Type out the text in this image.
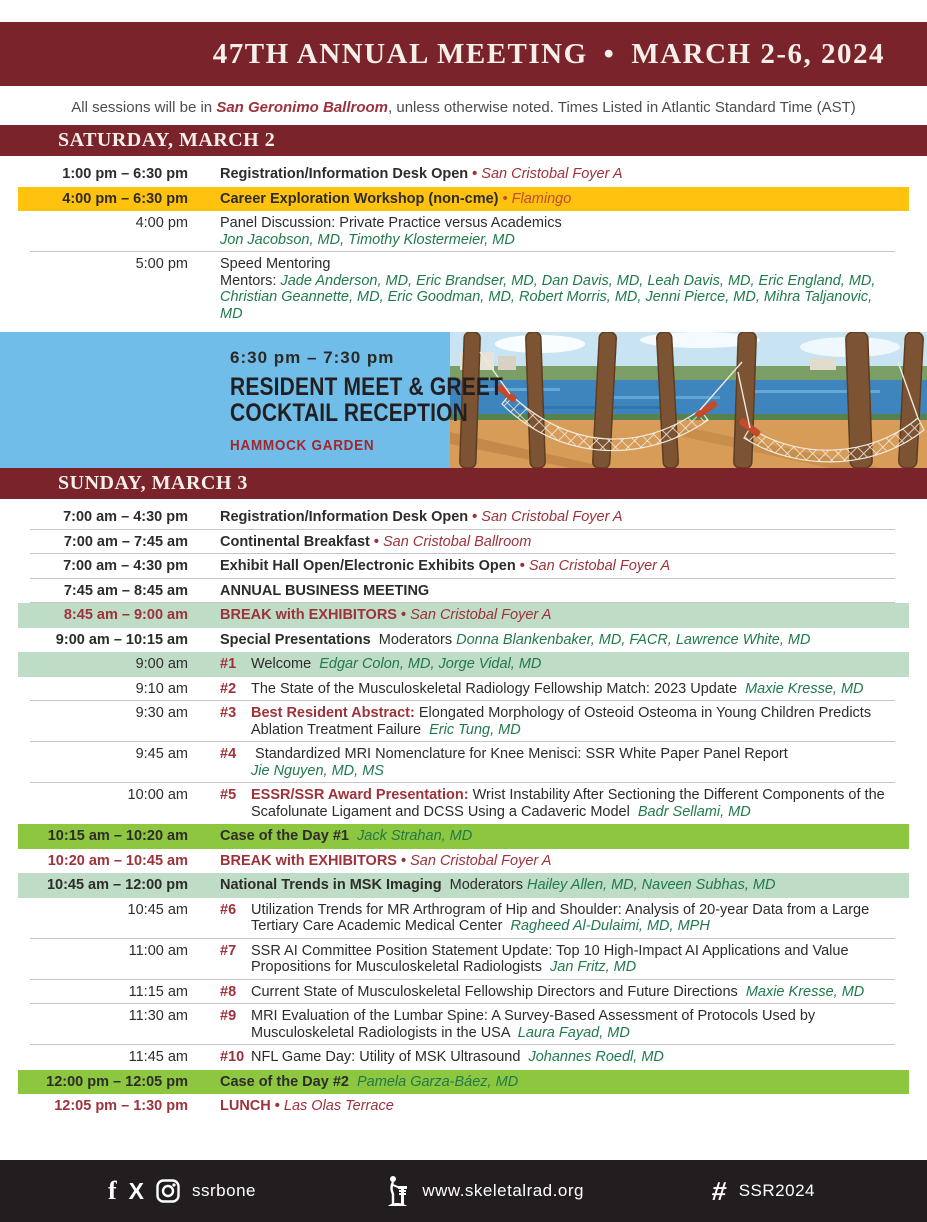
47TH ANNUAL MEETING • MARCH 2-6, 2024

All sessions will be in San Geronimo Ballroom, unless otherwise noted. Times Listed in Atlantic Standard Time (AST)

SATURDAY, MARCH 2
1:00 pm – 6:30 pm Registration/Information Desk Open • San Cristobal Foyer A
4:00 pm – 6:30 pm Career Exploration Workshop (non-cme) • Flamingo
4:00 pm Panel Discussion: Private Practice versus Academics
Jon Jacobson, MD, Timothy Klostermeier, MD
5:00 pm Speed Mentoring
Mentors: Jade Anderson, MD, Eric Brandser, MD, Dan Davis, MD, Leah Davis, MD, Eric England, MD,
Christian Geannette, MD, Eric Goodman, MD, Robert Morris, MD, Jenni Pierce, MD, Mihra Taljanovic, MD
6:30 pm – 7:30 pm
RESIDENT MEET & GREET
COCKTAIL RECEPTION
HAMMOCK GARDEN
SUNDAY, MARCH 3
7:00 am – 4:30 pm Registration/Information Desk Open • San Cristobal Foyer A
7:00 am – 7:45 am Continental Breakfast • San Cristobal Ballroom
7:00 am – 4:30 pm Exhibit Hall Open/Electronic Exhibits Open • San Cristobal Foyer A
7:45 am – 8:45 am ANNUAL BUSINESS MEETING
8:45 am – 9:00 am BREAK with EXHIBITORS • San Cristobal Foyer A
9:00 am – 10:15 am Special Presentations  Moderators Donna Blankenbaker, MD, FACR, Lawrence White, MD
9:00 am #1 Welcome  Edgar Colon, MD, Jorge Vidal, MD
9:10 am #2 The State of the Musculoskeletal Radiology Fellowship Match: 2023 Update  Maxie Kresse, MD
9:30 am #3 Best Resident Abstract: Elongated Morphology of Osteoid Osteoma in Young Children Predicts
Ablation Treatment Failure  Eric Tung, MD
9:45 am #4 Standardized MRI Nomenclature for Knee Menisci: SSR White Paper Panel Report
Jie Nguyen, MD, MS
10:00 am #5 ESSR/SSR Award Presentation: Wrist Instability After Sectioning the Different Components of the
Scafolunate Ligament and DCSS Using a Cadaveric Model  Badr Sellami, MD
10:15 am – 10:20 am Case of the Day #1  Jack Strahan, MD
10:20 am – 10:45 am BREAK with EXHIBITORS • San Cristobal Foyer A
10:45 am – 12:00 pm National Trends in MSK Imaging  Moderators Hailey Allen, MD, Naveen Subhas, MD
10:45 am #6 Utilization Trends for MR Arthrogram of Hip and Shoulder: Analysis of 20-year Data from a Large
Tertiary Care Academic Medical Center  Ragheed Al-Dulaimi, MD, MPH
11:00 am #7 SSR AI Committee Position Statement Update: Top 10 High-Impact AI Applications and Value
Propositions for Musculoskeletal Radiologists  Jan Fritz, MD
11:15 am #8 Current State of Musculoskeletal Fellowship Directors and Future Directions  Maxie Kresse, MD
11:30 am #9 MRI Evaluation of the Lumbar Spine: A Survey-Based Assessment of Protocols Used by
Musculoskeletal Radiologists in the USA  Laura Fayad, MD
11:45 am #10 NFL Game Day: Utility of MSK Ultrasound  Johannes Roedl, MD
12:00 pm – 12:05 pm Case of the Day #2  Pamela Garza-Báez, MD
12:05 pm – 1:30 pm LUNCH • Las Olas Terrace
f X	ssrbone	www.skeletalrad.org	# SSR2024
